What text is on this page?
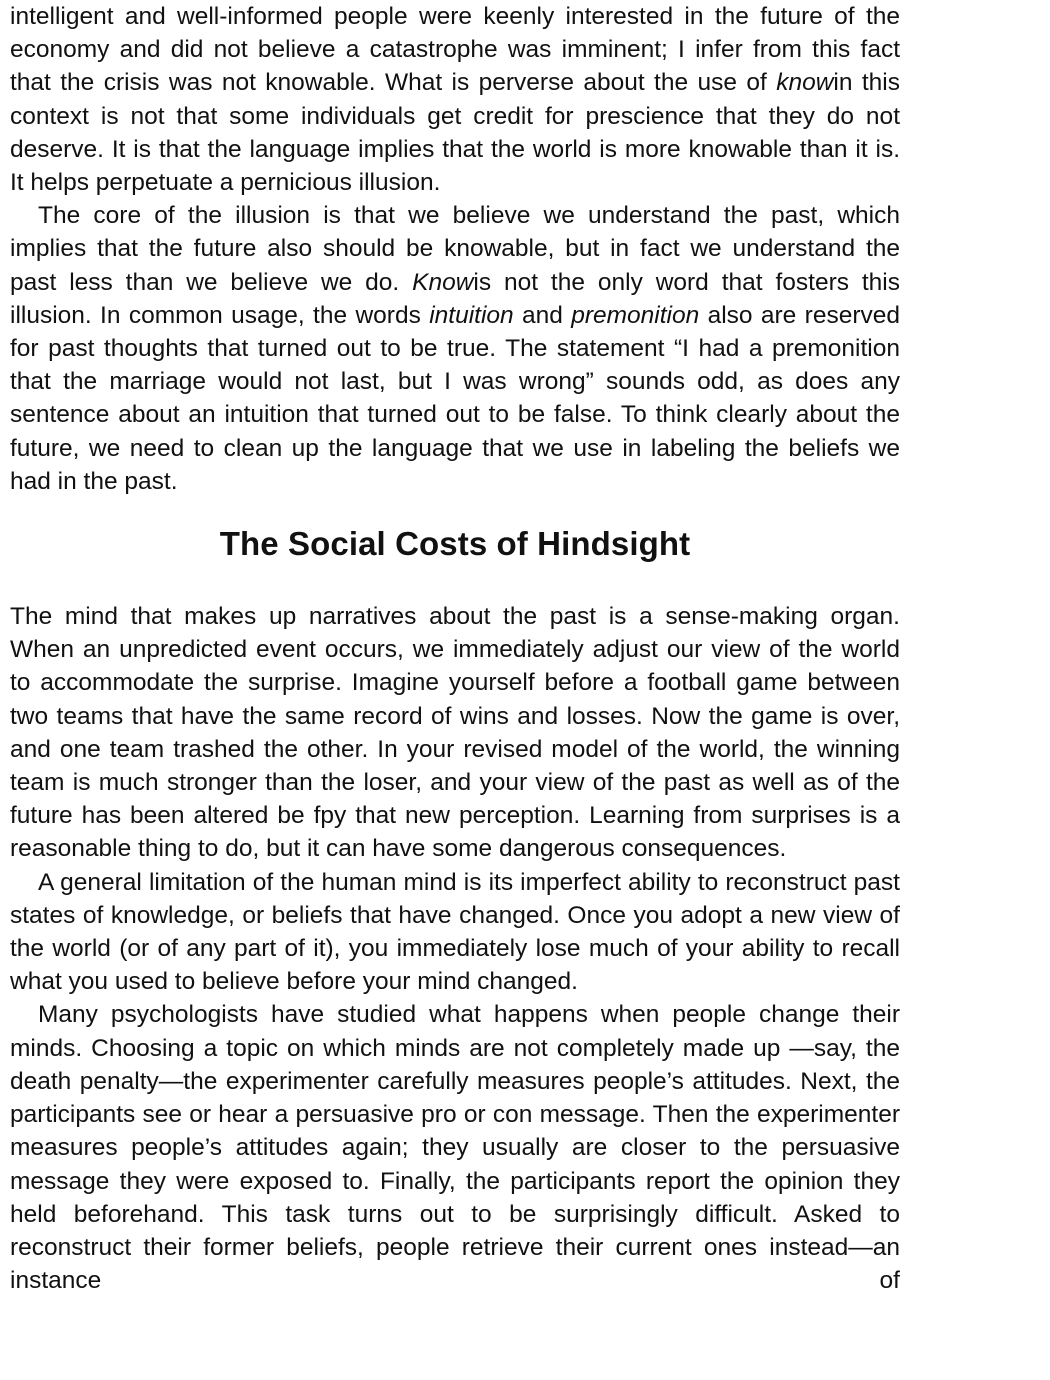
intelligent and well-informed people were keenly interested in the future of the economy and did not believe a catastrophe was imminent; I infer from this fact that the crisis was not knowable. What is perverse about the use of knowin this context is not that some individuals get credit for prescience that they do not deserve. It is that the language implies that the world is more knowable than it is. It helps perpetuate a pernicious illusion.

The core of the illusion is that we believe we understand the past, which implies that the future also should be knowable, but in fact we understand the past less than we believe we do. Knowis not the only word that fosters this illusion. In common usage, the words intuition and premonition also are reserved for past thoughts that turned out to be true. The statement “I had a premonition that the marriage would not last, but I was wrong” sounds odd, as does any sentence about an intuition that turned out to be false. To think clearly about the future, we need to clean up the language that we use in labeling the beliefs we had in the past.

The Social Costs of Hindsight

The mind that makes up narratives about the past is a sense-making organ. When an unpredicted event occurs, we immediately adjust our view of the world to accommodate the surprise. Imagine yourself before a football game between two teams that have the same record of wins and losses. Now the game is over, and one team trashed the other. In your revised model of the world, the winning team is much stronger than the loser, and your view of the past as well as of the future has been altered be fpy that new perception. Learning from surprises is a reasonable thing to do, but it can have some dangerous consequences.

A general limitation of the human mind is its imperfect ability to reconstruct past states of knowledge, or beliefs that have changed. Once you adopt a new view of the world (or of any part of it), you immediately lose much of your ability to recall what you used to believe before your mind changed.

Many psychologists have studied what happens when people change their minds. Choosing a topic on which minds are not completely made up —say, the death penalty—the experimenter carefully measures people’s attitudes. Next, the participants see or hear a persuasive pro or con message. Then the experimenter measures people’s attitudes again; they usually are closer to the persuasive message they were exposed to. Finally, the participants report the opinion they held beforehand. This task turns out to be surprisingly difficult. Asked to reconstruct their former beliefs, people retrieve their current ones instead—an instance of
